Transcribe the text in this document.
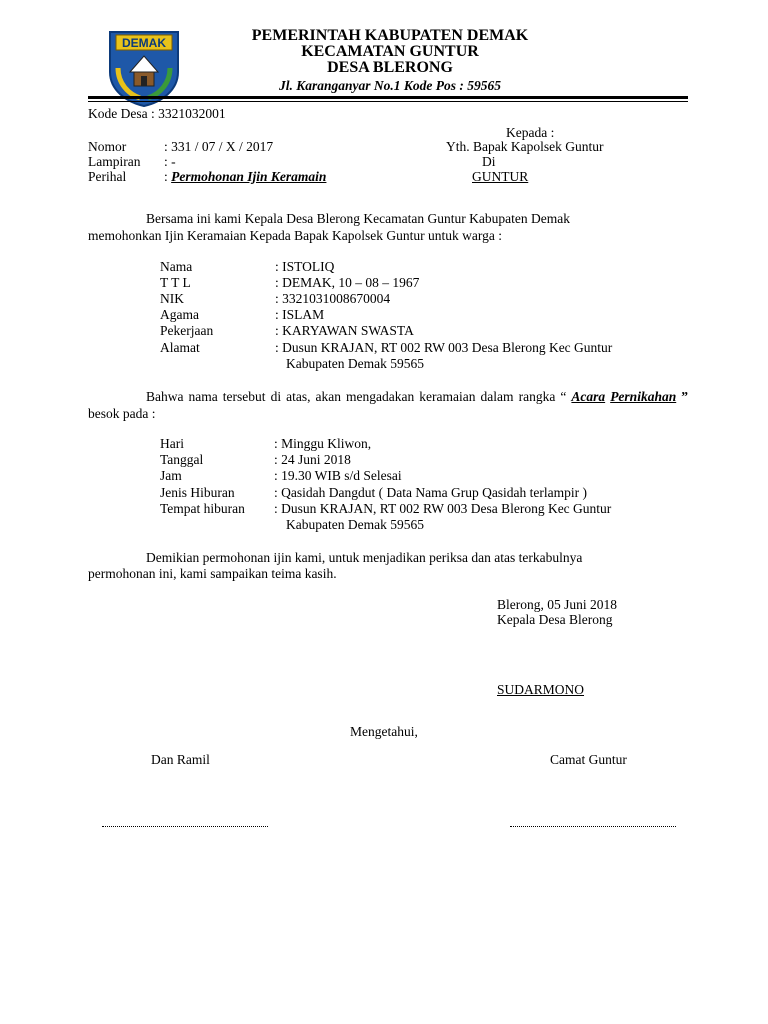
DEMAK	PEMERINTAH KABUPATEN DEMAK
KECAMATAN GUNTUR
DESA BLERONG
Jl. Karanganyar No.1 Kode Pos : 59565
Kode Desa : 3321032001
Nomor	: 331 / 07 / X / 2017
Lampiran : -
Perihal	: Permohonan Ijin Keramain
Kepada :
Yth. Bapak Kapolsek Guntur
Di
GUNTUR
Bersama ini kami Kepala Desa Blerong Kecamatan Guntur Kabupaten Demak
memohonkan Ijin Keramaian Kepada Bapak Kapolsek Guntur untuk warga :
Nama	: ISTOLIQ
T T L	: DEMAK, 10 – 08 – 1967
NIK	: 3321031008670004
Agama	: ISLAM
Pekerjaan	: KARYAWAN SWASTA
Alamat	: Dusun KRAJAN, RT 002 RW 003 Desa Blerong Kec Guntur
Kabupaten Demak 59565
Bahwa nama tersebut di atas, akan mengadakan keramaian dalam rangka “ Acara Pernikahan ” besok pada :
Hari	: Minggu Kliwon,
Tanggal	: 24 Juni 2018
Jam	: 19.30 WIB s/d Selesai
Jenis Hiburan	: Qasidah Dangdut ( Data Nama Grup Qasidah terlampir )
Tempat hiburan : Dusun KRAJAN, RT 002 RW 003 Desa Blerong Kec Guntur
Kabupaten Demak 59565
Demikian permohonan ijin kami, untuk menjadikan periksa dan atas terkabulnya
permohonan ini, kami sampaikan teima kasih.
Blerong, 05 Juni 2018
Kepala Desa Blerong
SUDARMONO
Mengetahui,
Dan Ramil	Camat Guntur
